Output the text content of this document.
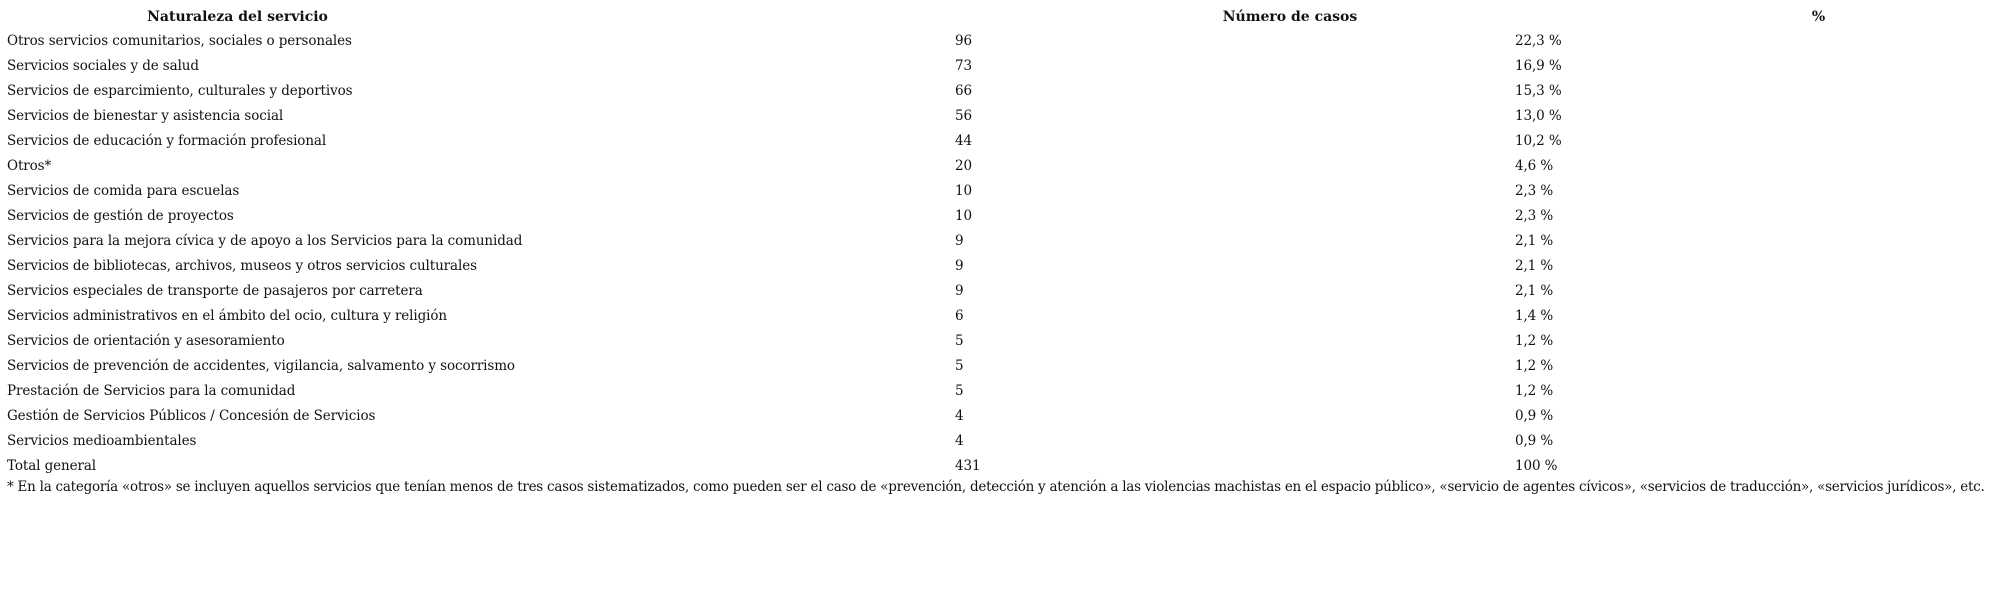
Naturaleza del servicio	Número de casos	%
Otros servicios comunitarios, sociales o personales	96	22,3 %
Servicios sociales y de salud	73	16,9 %
Servicios de esparcimiento, culturales y deportivos	66	15,3 %
Servicios de bienestar y asistencia social	56	13,0 %
Servicios de educación y formación profesional	44	10,2 %
Otros*	20	4,6 %
Servicios de comida para escuelas	10	2,3 %
Servicios de gestión de proyectos	10	2,3 %
Servicios para la mejora cívica y de apoyo a los Servicios para la comunidad	9	2,1 %
Servicios de bibliotecas, archivos, museos y otros servicios culturales	9	2,1 %
Servicios especiales de transporte de pasajeros por carretera	9	2,1 %
Servicios administrativos en el ámbito del ocio, cultura y religión	6	1,4 %
Servicios de orientación y asesoramiento	5	1,2 %
Servicios de prevención de accidentes, vigilancia, salvamento y socorrismo	5	1,2 %
Prestación de Servicios para la comunidad	5	1,2 %
Gestión de Servicios Públicos / Concesión de Servicios	4	0,9 %
Servicios medioambientales	4	0,9 %
Total general	431	100 %
* En la categoría «otros» se incluyen aquellos servicios que tenían menos de tres casos sistematizados, como pueden ser el caso de «prevención, detección y atención a las violencias machistas en el espacio público», «servicio de agentes cívicos», «servicios de traducción», «servicios jurídicos», etc.
